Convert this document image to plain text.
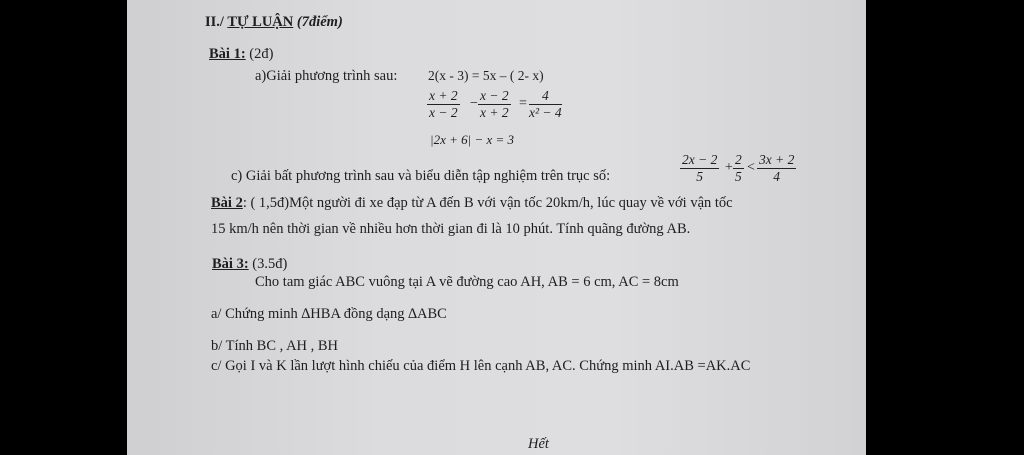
II./ TỰ LUẬN (7điểm)
Bài 1: (2đ)
a)Giải phương trình sau: 2(x - 3) = 5x – ( 2- x)
$\frac{x + 2}{x - 2} - \frac{x - 2}{x + 2} = \frac{4}{\text{x² − 4}}$
|2x + 6| − x = 3
c) Giải bất phương trình sau và biểu diễn tập nghiệm trên trục số:	$\frac{2x - 2}{5} + \frac{2}{5} < \frac{3x + 2}{4}$
Bài 2: ( 1,5đ)Một người đi xe đạp từ A đến B với vận tốc 20km/h, lúc quay về với vận tốc
15 km/h nên thời gian về nhiều hơn thời gian đi là 10 phút. Tính quãng đường AB.
Bài 3: (3.5đ)
Cho tam giác ABC vuông tại A vẽ đường cao AH, AB = 6 cm, AC = 8cm
a/ Chứng minh ∆HBA đồng dạng ∆ABC
b/ Tính BC , AH , BH
c/ Gọi I và K lần lượt hình chiếu của điểm H lên cạnh AB, AC. Chứng minh AI.AB =AK.AC
Hết
